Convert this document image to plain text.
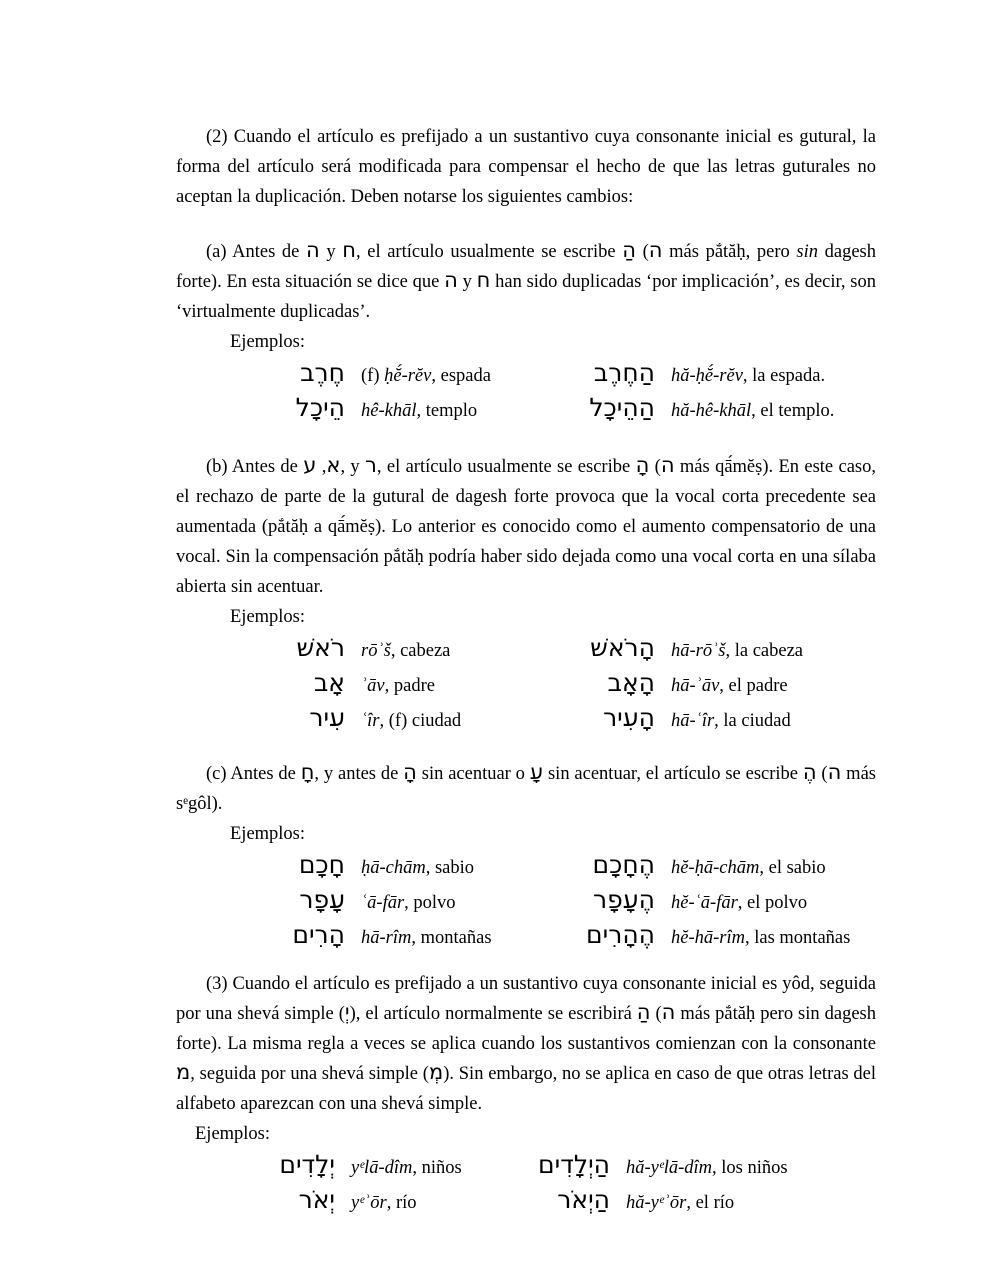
(2) Cuando el artículo es prefijado a un sustantivo cuya consonante inicial es gutural, la forma del artículo será modificada para compensar el hecho de que las letras guturales no aceptan la duplicación. Deben notarse los siguientes cambios:

(a) Antes de ה y ח, el artículo usualmente se escribe הַ (ה más pắtăḥ, pero sin dagesh forte). En esta situación se dice que ה y ח han sido duplicadas ‘por implicación’, es decir, son ‘virtualmente duplicadas’.

Ejemplos:

חֶרֶב (f) ḥĕ́-rĕv, espada	הַחֶרֶב hă-ḥĕ́-rĕv, la espada.
הֵיכָל hê-khāl, templo	הַהֵיכָל hă-hê-khāl, el templo.

(b) Antes de א, ע , y ר, el artículo usualmente se escribe הָ (ה más qā́mĕṣ). En este caso, el rechazo de parte de la gutural de dagesh forte provoca que la vocal corta precedente sea aumentada (pắtăḥ a qā́mĕṣ). Lo anterior es conocido como el aumento compensatorio de una vocal. Sin la compensación pắtăḥ podría haber sido dejada como una vocal corta en una sílaba abierta sin acentuar.

Ejemplos:

רֹאשׁ rōʾš, cabeza	הָרֹאשׁ hā-rōʾš, la cabeza
אָב ʾāv, padre	הָאָב hā-ʾāv, el padre
עִיר ʿîr, (f) ciudad	הָעִיר hā-ʿîr, la ciudad

(c) Antes de חָ, y antes de הָ sin acentuar o עָ sin acentuar, el artículo se escribe הֶ (ה más sᵉgôl).

Ejemplos:

חָכָם ḥā-chām, sabio	הֶחָכָם hĕ-ḥā-chām, el sabio
עָפָר ʿā-fār, polvo	הֶעָפָר hĕ-ʿā-fār, el polvo
הָרִים hā-rîm, montañas	הֶהָרִים hĕ-hā-rîm, las montañas

(3) Cuando el artículo es prefijado a un sustantivo cuya consonante inicial es yôd, seguida por una shevá simple (יְ), el artículo normalmente se escribirá הַ (ה más pắtăḥ pero sin dagesh forte). La misma regla a veces se aplica cuando los sustantivos comienzan con la consonante מ, seguida por una shevá simple (מְ). Sin embargo, no se aplica en caso de que otras letras del alfabeto aparezcan con una shevá simple.

Ejemplos:

יְלָדִים yᵉlā-dîm, niños	הַיְלָדִים hă-yᵉlā-dîm, los niños
יְאֹר yᵉʾōr, río	הַיְאֹר hă-yᵉʾōr, el río
